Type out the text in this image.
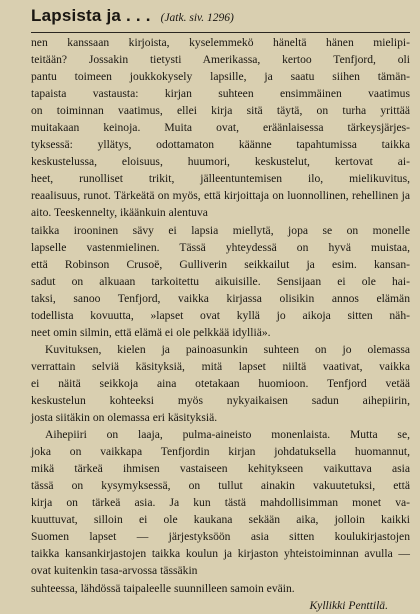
Lapsista ja . . . (Jatk. siv. 1296)
nen kanssaan kirjoista, kyselemmekö häneltä hänen mielipi-
teitään? Jossakin tietysti Amerikassa, kertoo Tenfjord, oli
pantu toimeen joukkokysely lapsille, ja saatu siihen tämän-
tapaista vastausta: kirjan suhteen ensimmäinen vaatimus
on toiminnan vaatimus, ellei kirja sitä täytä, on turha yrittää
muitakaan keinoja. Muita ovat, eräänlaisessa tärkeysjärjes-
tyksessä: yllätys, odottamaton käänne tapahtumissa taikka
keskustelussa, eloisuus, huumori, keskustelut, kertovat ai-
heet, runolliset trikit, jälleentuntemisen ilo, mielikuvitus,
reaalisuus, runot. Tärkeätä on myös, että kirjoittaja on luonnollinen, rehellinen ja aito. Teeskennelty, ikäänkuin alentuva
taikka irooninen sävy ei lapsia miellytä, jopa se on monelle
lapselle vastenmielinen. Tässä yhteydessä on hyvä muistaa,
että Robinson Crusoë, Gulliverin seikkailut ja esim. kansan-
sadut on alkuaan tarkoitettu aikuisille. Sensijaan ei ole hai-
taksi, sanoo Tenfjord, vaikka kirjassa olisikin annos elämän
todellista kovuutta, »lapset ovat kyllä jo aikoja sitten näh-
neet omin silmin, että elämä ei ole pelkkää idylliä».
Kuvituksen, kielen ja painoasunkin suhteen on jo olemassa
verrattain selviä käsityksiä, mitä lapset niiltä vaativat, vaikka
ei näitä seikkoja aina otetakaan huomioon. Tenfjord vetää
keskustelun kohteeksi myös nykyaikaisen sadun aihepiirin,
josta siitäkin on olemassa eri käsityksiä.
Aihepiiri on laaja, pulma-aineisto monenlaista. Mutta se,
joka on vaikkapa Tenfjordin kirjan johdatuksella huomannut,
mikä tärkeä ihmisen vastaiseen kehitykseen vaikuttava asia
tässä on kysymyksessä, on tullut ainakin vakuutetuksi, että
kirja on tärkeä asia. Ja kun tästä mahdollisimman monet va-
kuuttuvat, silloin ei ole kaukana sekään aika, jolloin kaikki
Suomen lapset — järjestyksöön asia sitten koulukirjastojen
taikka kansankirjastojen taikka koulun ja kirjaston yhteistoiminnan avulla — ovat kuitenkin tasa-arvossa tässäkin
suhteessa, lähdössä taipaleelle suunnilleen samoin eväin.
Kyllikki Penttilä.
